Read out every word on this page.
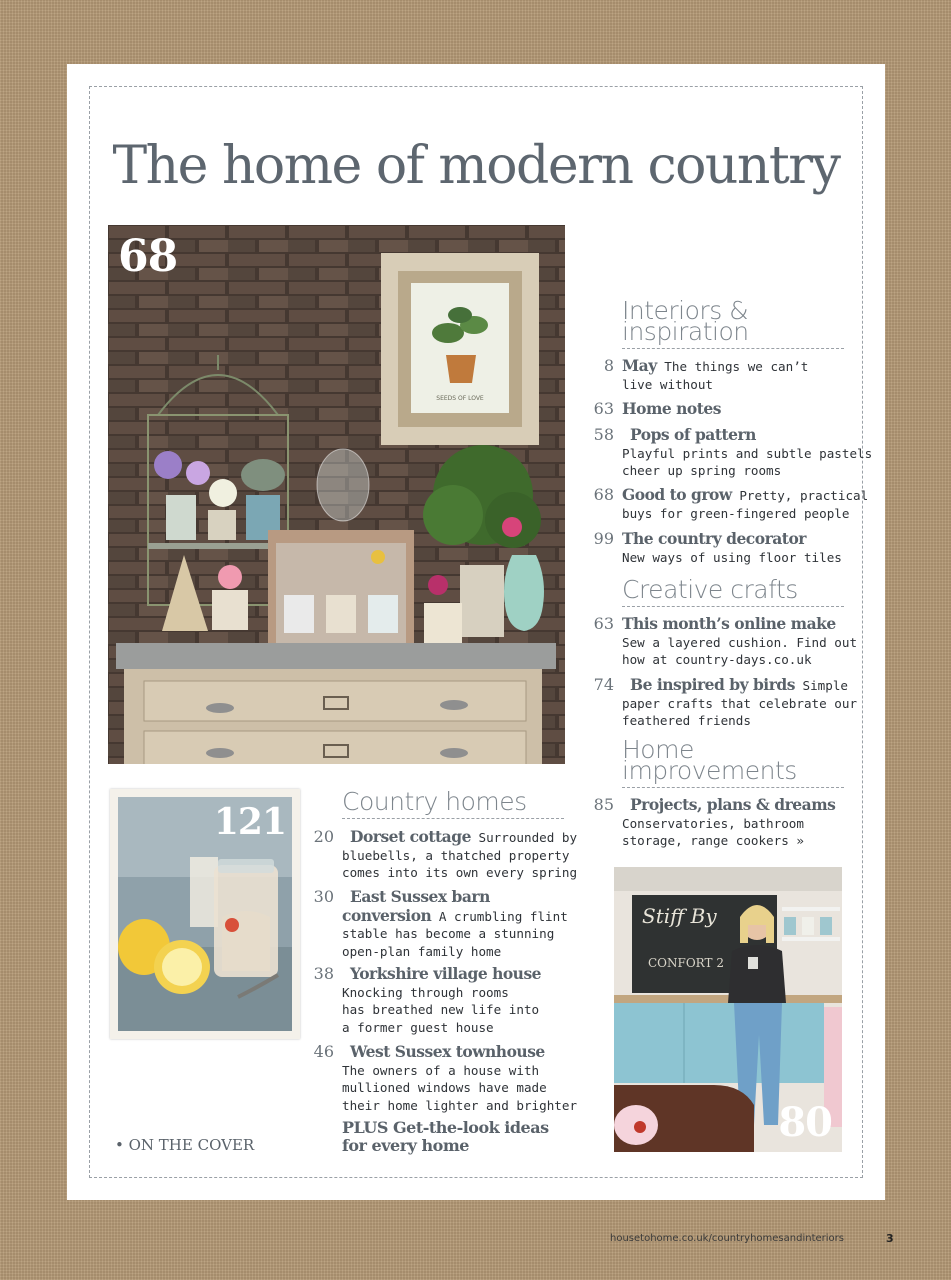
The home of modern country
SEEDS OF LOVE
68
121
Stiff By
CONFORT 2
80
Interiors &
inspiration
8 May The things we can’t
live without
63 Home notes
58 Pops of pattern
Playful prints and subtle pastels
cheer up spring rooms
68 Good to grow Pretty, practical
buys for green-fingered people
99 The country decorator
New ways of using floor tiles
Creative crafts
63 This month’s online make
Sew a layered cushion. Find out
how at country-days.co.uk
74 Be inspired by birds Simple
paper crafts that celebrate our
feathered friends
Home
improvements
85 Projects, plans & dreams
Conservatories, bathroom
storage, range cookers »
Country homes
20 Dorset cottage Surrounded by
bluebells, a thatched property
comes into its own every spring
30 East Sussex barn
conversion A crumbling flint
stable has become a stunning
open-plan family home
38 Yorkshire village house
Knocking through rooms
has breathed new life into
a former guest house
46 West Sussex townhouse
The owners of a house with
mullioned windows have made
their home lighter and brighter
PLUS Get-the-look ideas
for every home
• ON THE COVER
housetohome.co.uk/countryhomesandinteriors	3
